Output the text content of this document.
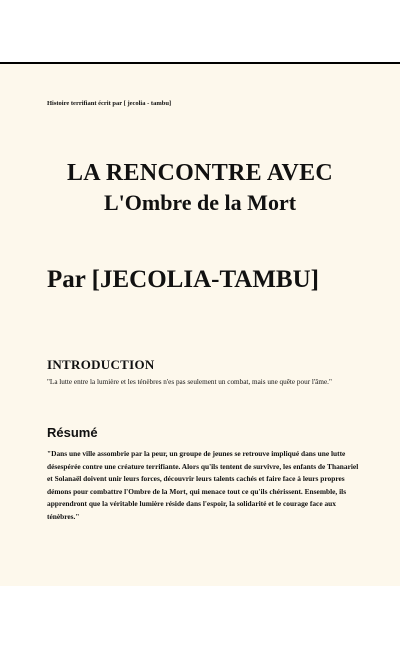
Histoire terrifiant écrit par [ jecolia - tambu]

LA RENCONTRE AVEC
L'Ombre de la Mort

Par [JECOLIA-TAMBU]

INTRODUCTION

"La lutte entre la lumière et les ténèbres n'es pas seulement un combat, mais une quête pour l'âme."

Résumé

"Dans une ville assombrie par la peur, un groupe de jeunes se retrouve impliqué dans une lutte désespérée contre une créature terrifiante. Alors qu'ils tentent de survivre, les enfants de Thanariel et Solanaël doivent unir leurs forces, découvrir leurs talents cachés et faire face à leurs propres démons pour combattre l'Ombre de la Mort, qui menace tout ce qu'ils chérissent. Ensemble, ils apprendront que la véritable lumière réside dans l'espoir, la solidarité et le courage face aux ténèbres."
